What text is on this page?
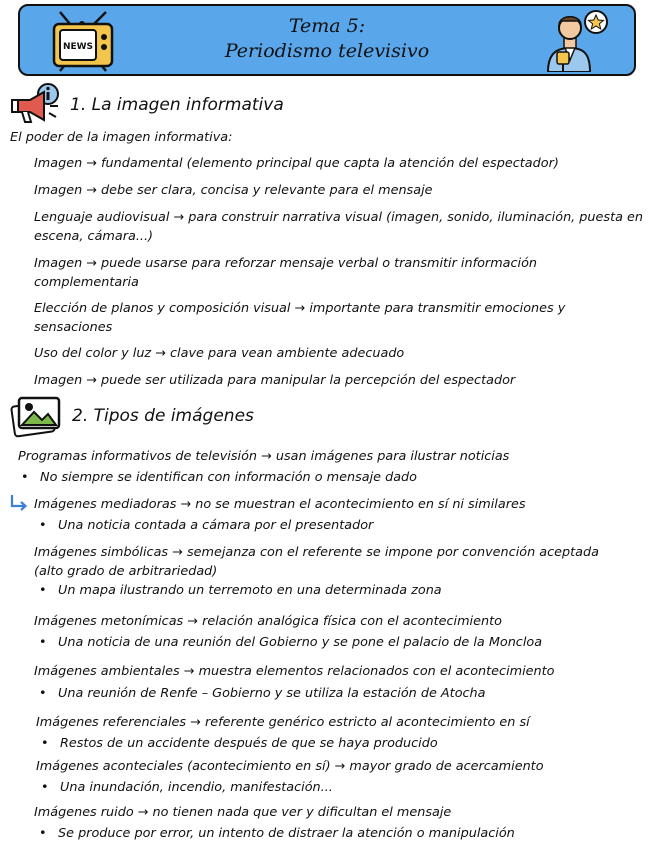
NEWS
Tema 5:
Periodismo televisivo
1. La imagen informativa
El poder de la imagen informativa:
Imagen → fundamental (elemento principal que capta la atención del espectador)
Imagen → debe ser clara, concisa y relevante para el mensaje
Lenguaje audiovisual → para construir narrativa visual (imagen, sonido, iluminación, puesta en escena, cámara...)
Imagen → puede usarse para reforzar mensaje verbal o transmitir información complementaria
Elección de planos y composición visual → importante para transmitir emociones y sensaciones
Uso del color y luz → clave para vean ambiente adecuado
Imagen → puede ser utilizada para manipular la percepción del espectador
2. Tipos de imágenes
Programas informativos de televisión → usan imágenes para ilustrar noticias
• No siempre se identifican con información o mensaje dado
Imágenes mediadoras → no se muestran el acontecimiento en sí ni similares
• Una noticia contada a cámara por el presentador
Imágenes simbólicas → semejanza con el referente se impone por convención aceptada (alto grado de arbitrariedad)
• Un mapa ilustrando un terremoto en una determinada zona
Imágenes metonímicas → relación analógica física con el acontecimiento
• Una noticia de una reunión del Gobierno y se pone el palacio de la Moncloa
Imágenes ambientales → muestra elementos relacionados con el acontecimiento
• Una reunión de Renfe – Gobierno y se utiliza la estación de Atocha
Imágenes referenciales → referente genérico estricto al acontecimiento en sí
• Restos de un accidente después de que se haya producido
Imágenes aconteciales (acontecimiento en sí) → mayor grado de acercamiento
• Una inundación, incendio, manifestación...
Imágenes ruido → no tienen nada que ver y dificultan el mensaje
• Se produce por error, un intento de distraer la atención o manipulación
